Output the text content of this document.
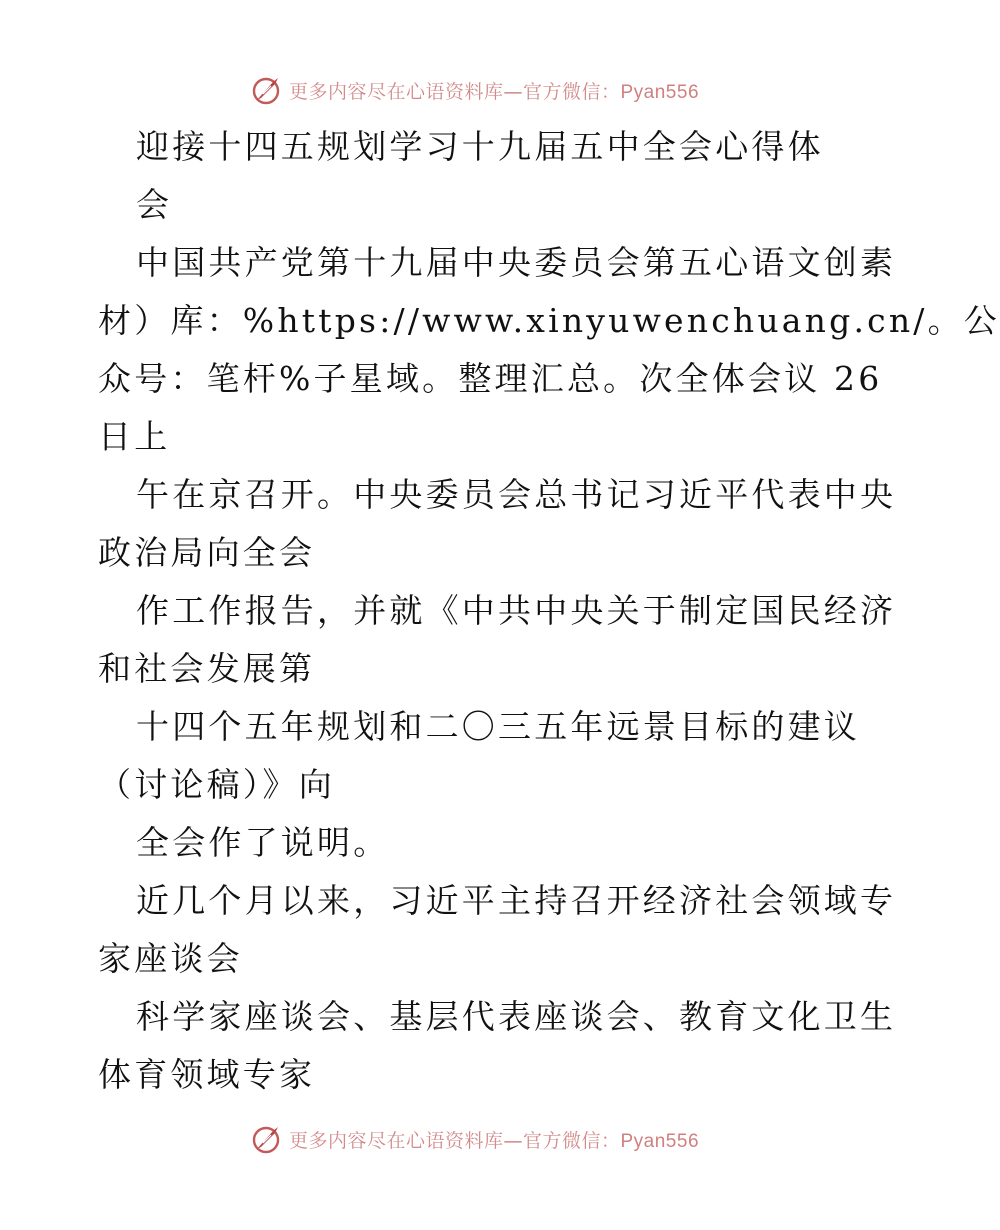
更多内容尽在心语资料库—官方微信：Pyan556
迎接十四五规划学习十九届五中全会心得体
会
中国共产党第十九届中央委员会第五心语文创素
材）库：%https://www.xinyuwenchuang.cn/。公
众号：笔杆%子星域。整理汇总。次全体会议 26
日上
午在京召开。中央委员会总书记习近平代表中央
政治局向全会
作工作报告，并就《中共中央关于制定国民经济
和社会发展第
十四个五年规划和二〇三五年远景目标的建议
（讨论稿）》向
全会作了说明。
近几个月以来，习近平主持召开经济社会领域专
家座谈会
科学家座谈会、基层代表座谈会、教育文化卫生
体育领域专家
更多内容尽在心语资料库—官方微信：Pyan556
